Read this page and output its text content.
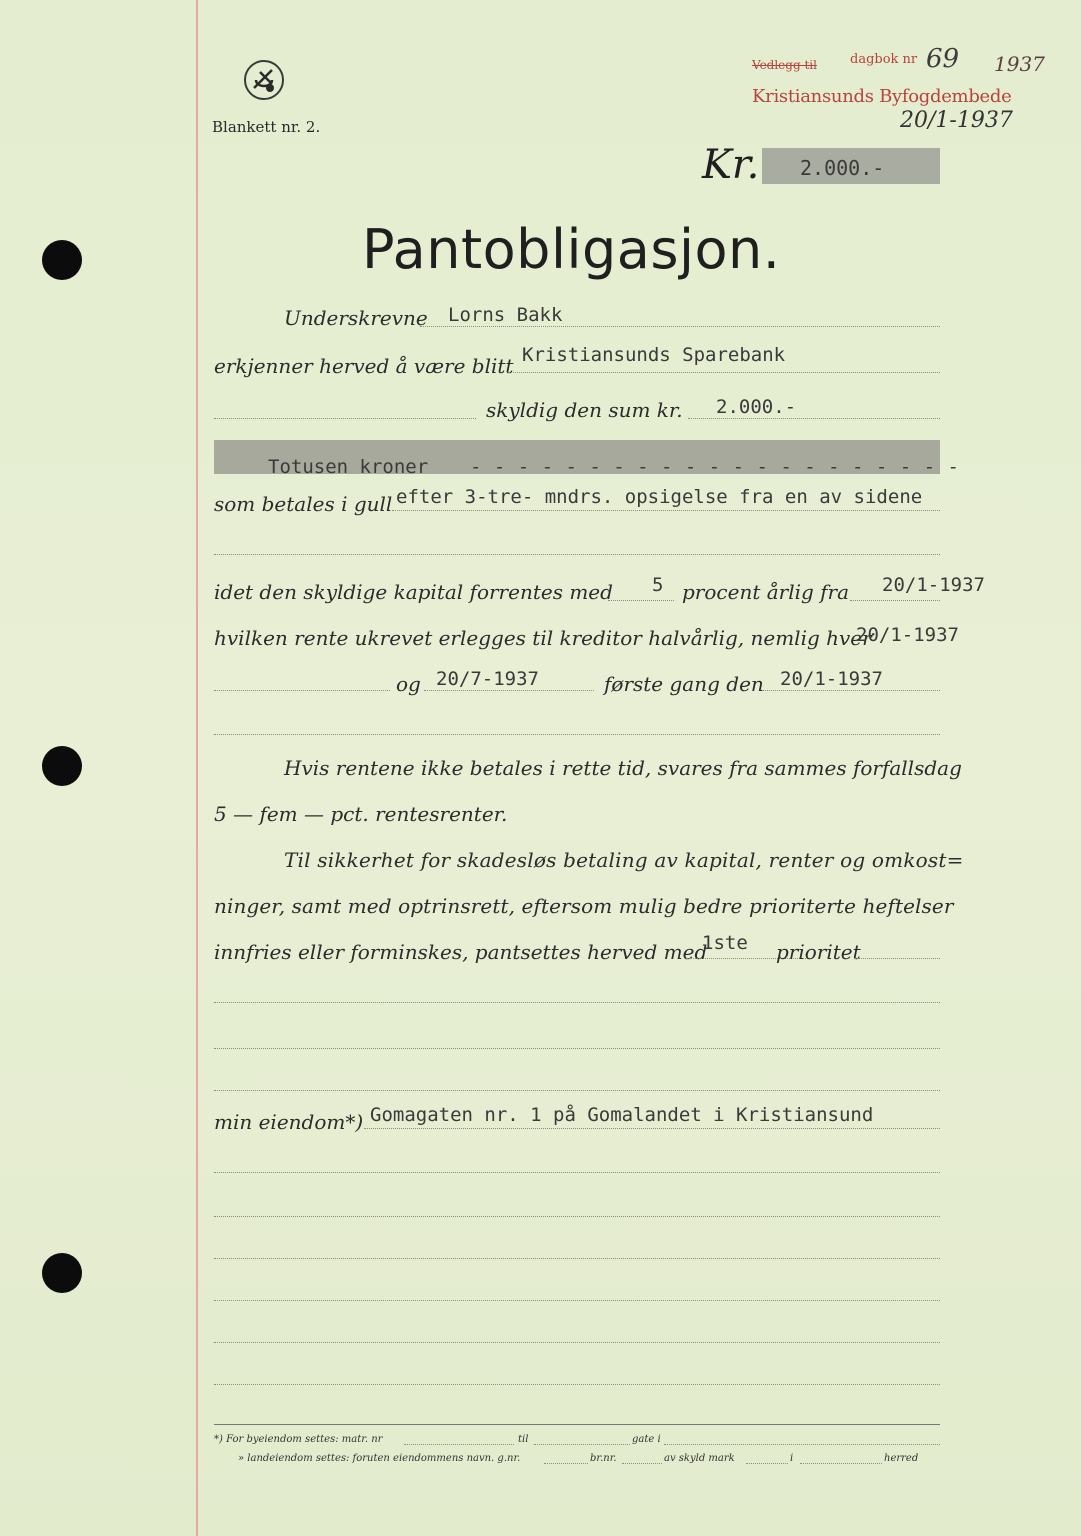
Blankett nr. 2.
Vedlegg til	dagbok nr 69 1937
Kristiansunds Byfogdembede
20/1-1937
Kr. 2.000.-
Pantobligasjon.
Underskrevne Lorns Bakk
erkjenner herved å være blitt Kristiansunds Sparebank
skyldig den sum kr. 2.000.-
Totusen kroner - - - - - - - - - - - - - - - - - - - - -
som betales i gull efter 3-tre- mndrs. opsigelse fra en av sidene
idet den skyldige kapital forrentes med 5 procent årlig fra 20/1-1937
hvilken rente ukrevet erlegges til kreditor halvårlig, nemlig hver
20/1-1937
og 20/7-1937	første gang den 20/1-1937
Hvis rentene ikke betales i rette tid, svares fra sammes forfallsdag
5 — fem — pct. rentesrenter.
Til sikkerhet for skadesløs betaling av kapital, renter og omkost=
ninger, samt med optrinsrett, eftersom mulig bedre prioriterte heftelser
innfries eller forminskes, pantsettes herved med
1ste prioritet
min eiendom*) Gomagaten nr. 1 på Gomalandet i Kristiansund
*) For byeiendom settes: matr. nr	til	gate i
» landeiendom settes: foruten eiendommens navn. g.nr.	br.nr.	av skyld mark	i	herred
